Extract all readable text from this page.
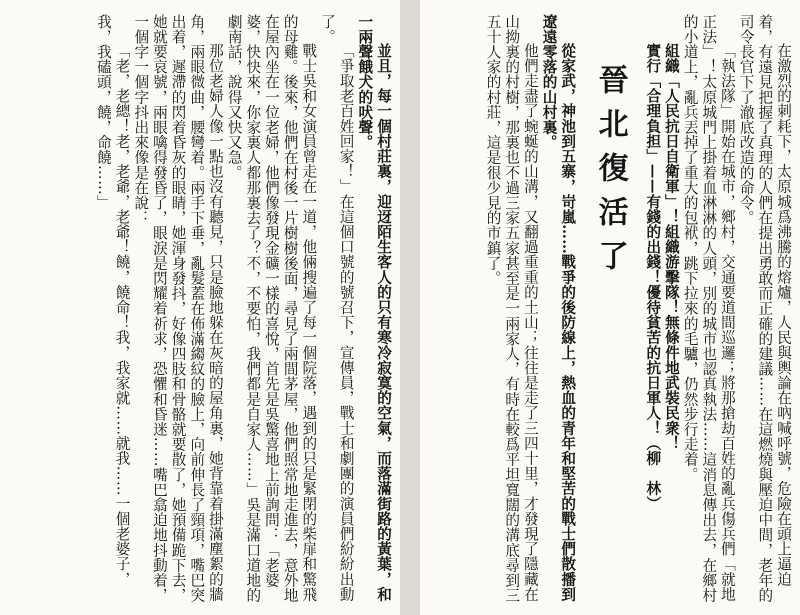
並且，每一個村莊裏，迎迓陌生客人的只有寒冷寂寞的空氣，而落滿街路的黃葉，和一兩聲餓犬的吠聲。

「爭取老百姓回家！」在這個口號的號召下，宣傳員，戰士和劇團的演員們紛紛出動了。

戰士吳和女演員曾走在一道，他倆搜遍了每一個院落，遇到的只是緊閉的柴扉和驚飛的母雞。後來，他們在村後一片樹樹後面，尋見了兩間茅屋，他們照常地走進去，意外地在屋內坐在一位老婦，他們像發現金礦一樣的喜悅，首先是吳驚喜地上前詢問：「老婆婆，快快來，你家裏人都那裏去了？不，不要怕，我們都是自家人……」吳是滿口道地的劇南話，說得又快又急。

那位老婦人像一點也沒有聽見，只是臉地躲在灰暗的屋角裏，她背靠着掛滿塵絮的牆角，兩眼微曲，腰彎着。兩手下垂，亂髮蓋在佈滿縐紋的臉上，向前伸長了頸項，嘴巴突出着，遲滯的閃着昏灰的眼睛，她渾身發抖，好像四肢和骨骼就要散了，她預備跪下去，她就要哀號，兩眼噙得發昏了，眼淚是閃耀着祈求，恐懼和昏迷……嘴巴翕迫地抖動着，一個字一個字抖出來像是在說：

「老，老總！老，老爺，老爺！饒，饒命！我，我家就……就我……一個老婆子，我，我磕頭，饒，命饒……」	在激烈的刺耗下，太原城爲沸騰的熔爐，人民與輿論在吶喊呼號，危險在頭上逼迫着，有遠見把握了真理的人們在提出勇敢而正確的建議……在這燃燒與壓迫中間，老年的司令長官下了澈底改造的命令。

「執法隊」開始在城市，鄉村，交通要道間巡邏；將那搶劫百姓的亂兵傷兵們「就地正法」！太原城門上掛着血淋淋的人頭，別的城市也認真執法……這消息傳出去，在鄉村的小道上，亂兵丟掉了重大的包袱，跳下拉來的毛驢，仍然步行走着。

組織「人民抗日自衛軍」！組織游擊隊！無條件地武裝民衆！

實行「合理負担」——有錢的出錢！優待貧苦的抗日軍人！（柳　林）

晉北復活了

從家武，神池到五寨，岢嵐……戰爭的後防線上，熱血的青年和堅苦的戰士們散播到遼遠零落的山村裏。

他們走盡了蜿蜒的山溝，又翻過重重的土山；往往是走了三四十里，才發現了隱藏在山拗裏的村樹，那裏也不過三家五家甚至是一兩家人，有時在較爲平坦寬闊的溝底尋到三五十人家的村莊，這是很少見的市鎮了。
